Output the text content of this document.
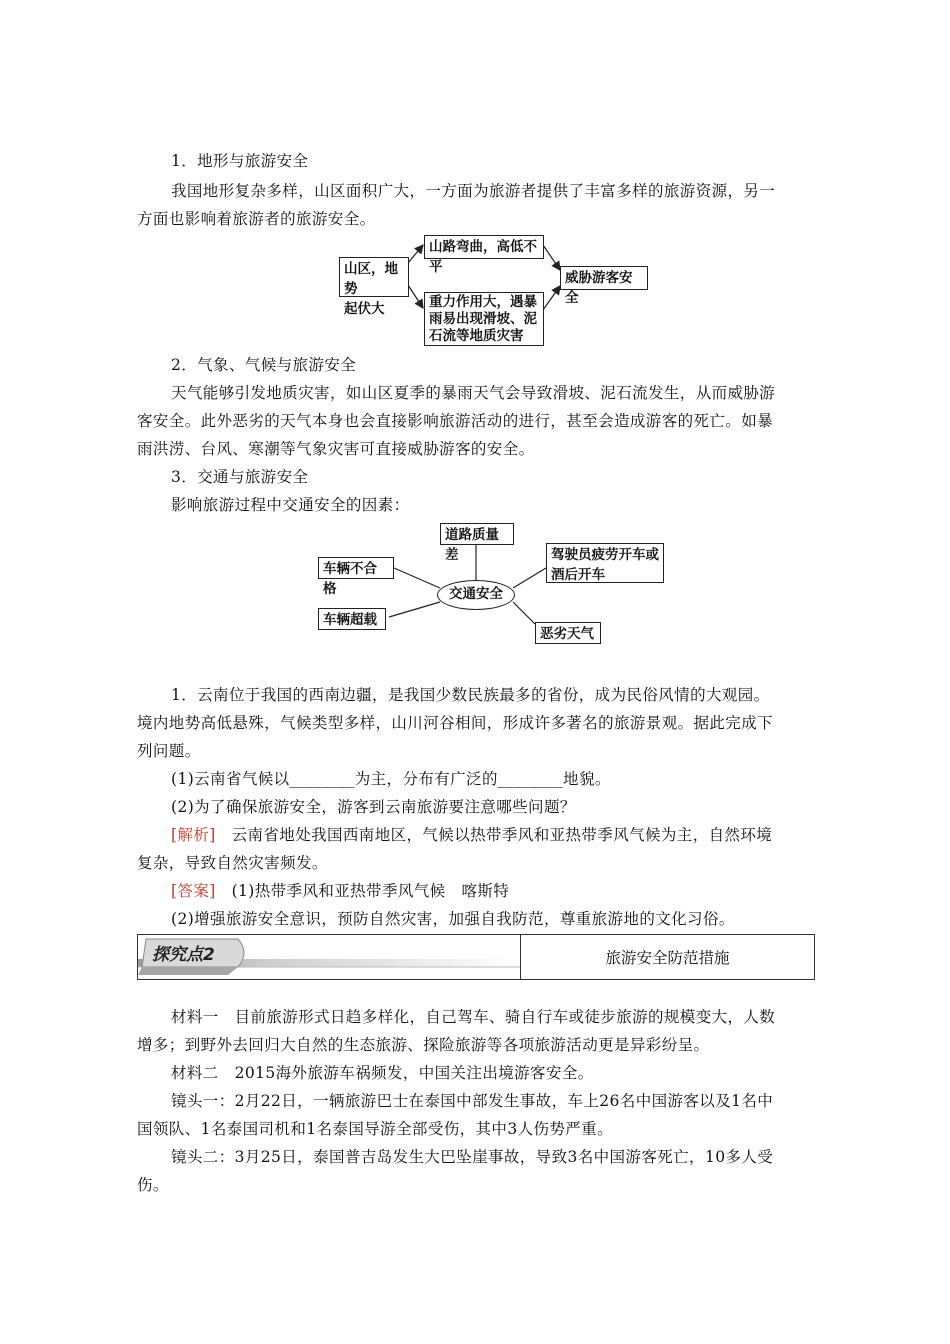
1．地形与旅游安全

我国地形复杂多样，山区面积广大，一方面为旅游者提供了丰富多样的旅游资源，另一

方面也影响着旅游者的旅游安全。

山区，地势
起伏大
山路弯曲，高低不平
重力作用大，遇暴
雨易出现滑坡、泥
石流等地质灾害
威胁游客安全

2．气象、气候与旅游安全

天气能够引发地质灾害，如山区夏季的暴雨天气会导致滑坡、泥石流发生，从而威胁游

客安全。此外恶劣的天气本身也会直接影响旅游活动的进行，甚至会造成游客的死亡。如暴

雨洪涝、台风、寒潮等气象灾害可直接威胁游客的安全。

3．交通与旅游安全

影响旅游过程中交通安全的因素：

道路质量差	驾驶员疲劳开车或
酒后开车
车辆不合格	交通安全
车辆超载
恶劣天气

1．云南位于我国的西南边疆，是我国少数民族最多的省份，成为民俗风情的大观园。

境内地势高低悬殊，气候类型多样，山川河谷相间，形成许多著名的旅游景观。据此完成下

列问题。

(1)云南省气候以________为主，分布有广泛的________地貌。

(2)为了确保旅游安全，游客到云南旅游要注意哪些问题？

[解析]　云南省地处我国西南地区，气候以热带季风和亚热带季风气候为主，自然环境

复杂，导致自然灾害频发。

[答案]　(1)热带季风和亚热带季风气候　喀斯特

(2)增强旅游安全意识，预防自然灾害，加强自我防范，尊重旅游地的文化习俗。

探究点2	旅游安全防范措施

材料一　目前旅游形式日趋多样化，自己驾车、骑自行车或徒步旅游的规模变大，人数

增多；到野外去回归大自然的生态旅游、探险旅游等各项旅游活动更是异彩纷呈。

材料二　2015海外旅游车祸频发，中国关注出境游客安全。

镜头一：2月22日，一辆旅游巴士在泰国中部发生事故，车上26名中国游客以及1名中

国领队、1名泰国司机和1名泰国导游全部受伤，其中3人伤势严重。

镜头二：3月25日，泰国普吉岛发生大巴坠崖事故，导致3名中国游客死亡，10多人受

伤。
